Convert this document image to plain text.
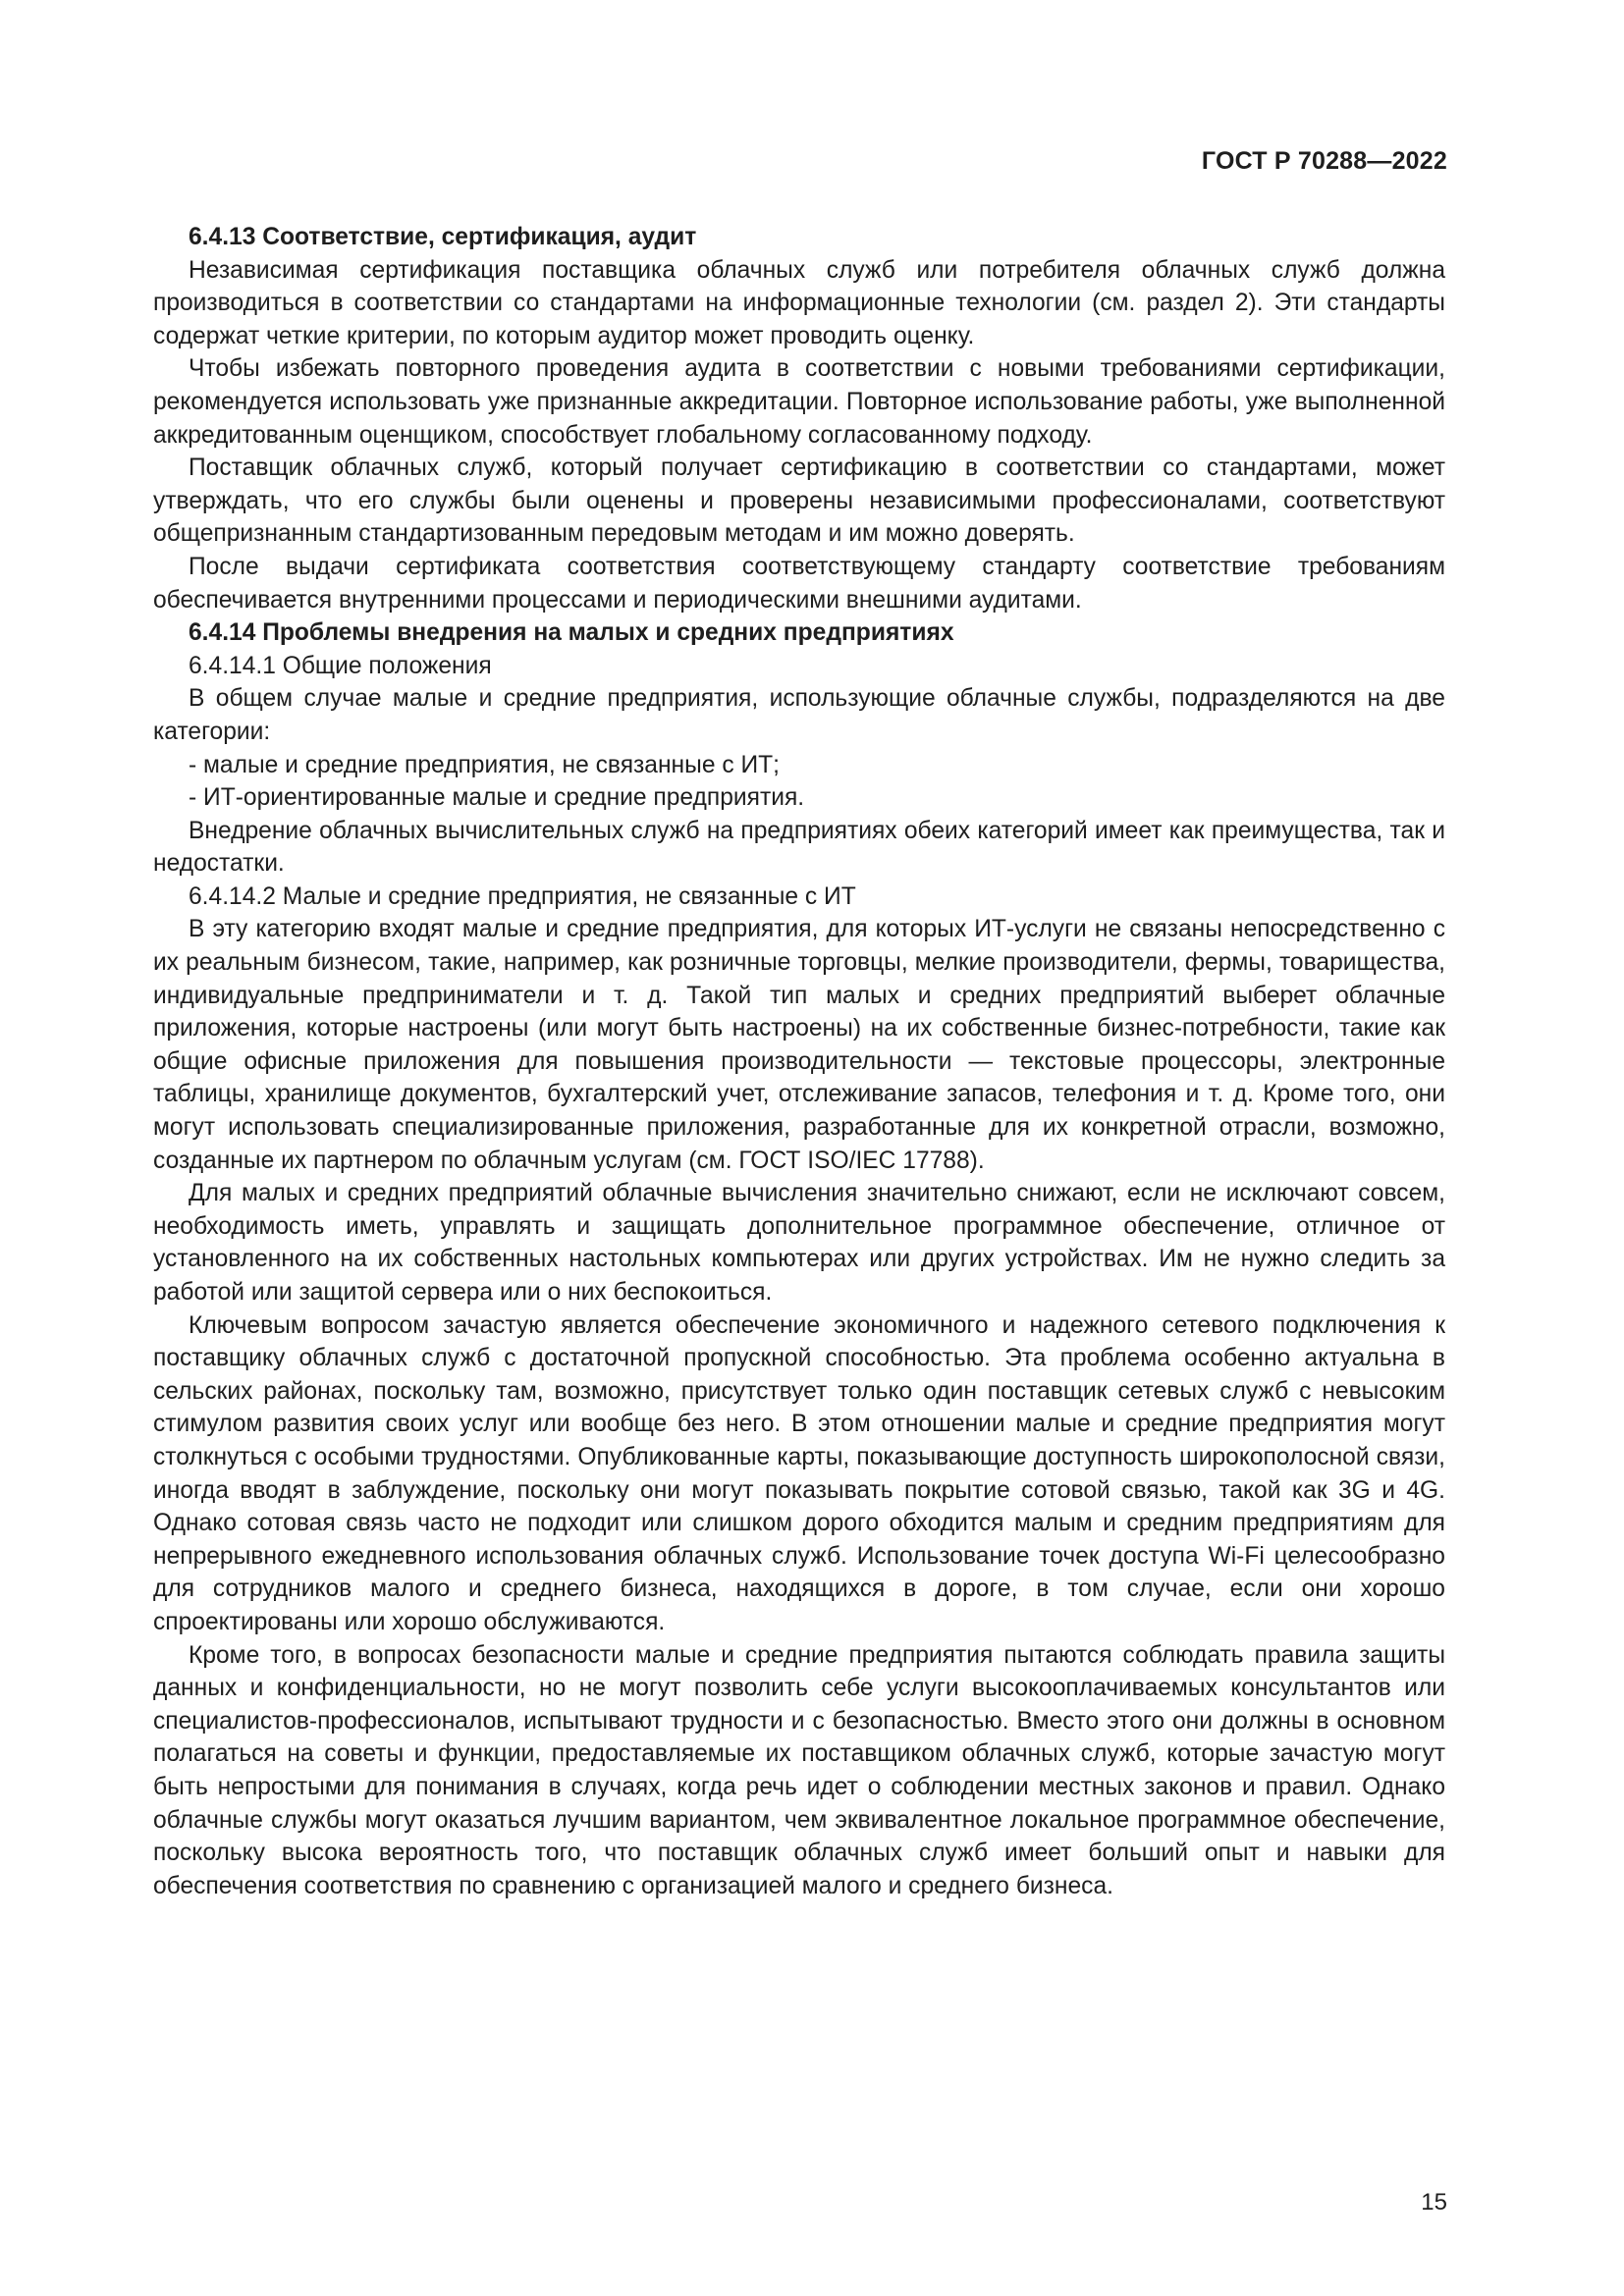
ГОСТ Р 70288—2022

6.4.13 Соответствие, сертификация, аудит

Независимая сертификация поставщика облачных служб или потребителя облачных служб должна производиться в соответствии со стандартами на информационные технологии (см. раздел 2). Эти стандарты содержат четкие критерии, по которым аудитор может проводить оценку.

Чтобы избежать повторного проведения аудита в соответствии с новыми требованиями сертификации, рекомендуется использовать уже признанные аккредитации. Повторное использование работы, уже выполненной аккредитованным оценщиком, способствует глобальному согласованному подходу.

Поставщик облачных служб, который получает сертификацию в соответствии со стандартами, может утверждать, что его службы были оценены и проверены независимыми профессионалами, соответствуют общепризнанным стандартизованным передовым методам и им можно доверять.

После выдачи сертификата соответствия соответствующему стандарту соответствие требованиям обеспечивается внутренними процессами и периодическими внешними аудитами.

6.4.14 Проблемы внедрения на малых и средних предприятиях

6.4.14.1 Общие положения

В общем случае малые и средние предприятия, использующие облачные службы, подразделяются на две категории:

- малые и средние предприятия, не связанные с ИТ;

- ИТ-ориентированные малые и средние предприятия.

Внедрение облачных вычислительных служб на предприятиях обеих категорий имеет как преимущества, так и недостатки.

6.4.14.2 Малые и средние предприятия, не связанные с ИТ

В эту категорию входят малые и средние предприятия, для которых ИТ-услуги не связаны непосредственно с их реальным бизнесом, такие, например, как розничные торговцы, мелкие производители, фермы, товарищества, индивидуальные предприниматели и т. д. Такой тип малых и средних предприятий выберет облачные приложения, которые настроены (или могут быть настроены) на их собственные бизнес-потребности, такие как общие офисные приложения для повышения производительности — текстовые процессоры, электронные таблицы, хранилище документов, бухгалтерский учет, отслеживание запасов, телефония и т. д. Кроме того, они могут использовать специализированные приложения, разработанные для их конкретной отрасли, возможно, созданные их партнером по облачным услугам (см. ГОСТ ISO/IEC 17788).

Для малых и средних предприятий облачные вычисления значительно снижают, если не исключают совсем, необходимость иметь, управлять и защищать дополнительное программное обеспечение, отличное от установленного на их собственных настольных компьютерах или других устройствах. Им не нужно следить за работой или защитой сервера или о них беспокоиться.

Ключевым вопросом зачастую является обеспечение экономичного и надежного сетевого подключения к поставщику облачных служб с достаточной пропускной способностью. Эта проблема особенно актуальна в сельских районах, поскольку там, возможно, присутствует только один поставщик сетевых служб с невысоким стимулом развития своих услуг или вообще без него. В этом отношении малые и средние предприятия могут столкнуться с особыми трудностями. Опубликованные карты, показывающие доступность широкополосной связи, иногда вводят в заблуждение, поскольку они могут показывать покрытие сотовой связью, такой как 3G и 4G. Однако сотовая связь часто не подходит или слишком дорого обходится малым и средним предприятиям для непрерывного ежедневного использования облачных служб. Использование точек доступа Wi-Fi целесообразно для сотрудников малого и среднего бизнеса, находящихся в дороге, в том случае, если они хорошо спроектированы или хорошо обслуживаются.

Кроме того, в вопросах безопасности малые и средние предприятия пытаются соблюдать правила защиты данных и конфиденциальности, но не могут позволить себе услуги высокооплачиваемых консультантов или специалистов-профессионалов, испытывают трудности и с безопасностью. Вместо этого они должны в основном полагаться на советы и функции, предоставляемые их поставщиком облачных служб, которые зачастую могут быть непростыми для понимания в случаях, когда речь идет о соблюдении местных законов и правил. Однако облачные службы могут оказаться лучшим вариантом, чем эквивалентное локальное программное обеспечение, поскольку высока вероятность того, что поставщик облачных служб имеет больший опыт и навыки для обеспечения соответствия по сравнению с организацией малого и среднего бизнеса.

15
